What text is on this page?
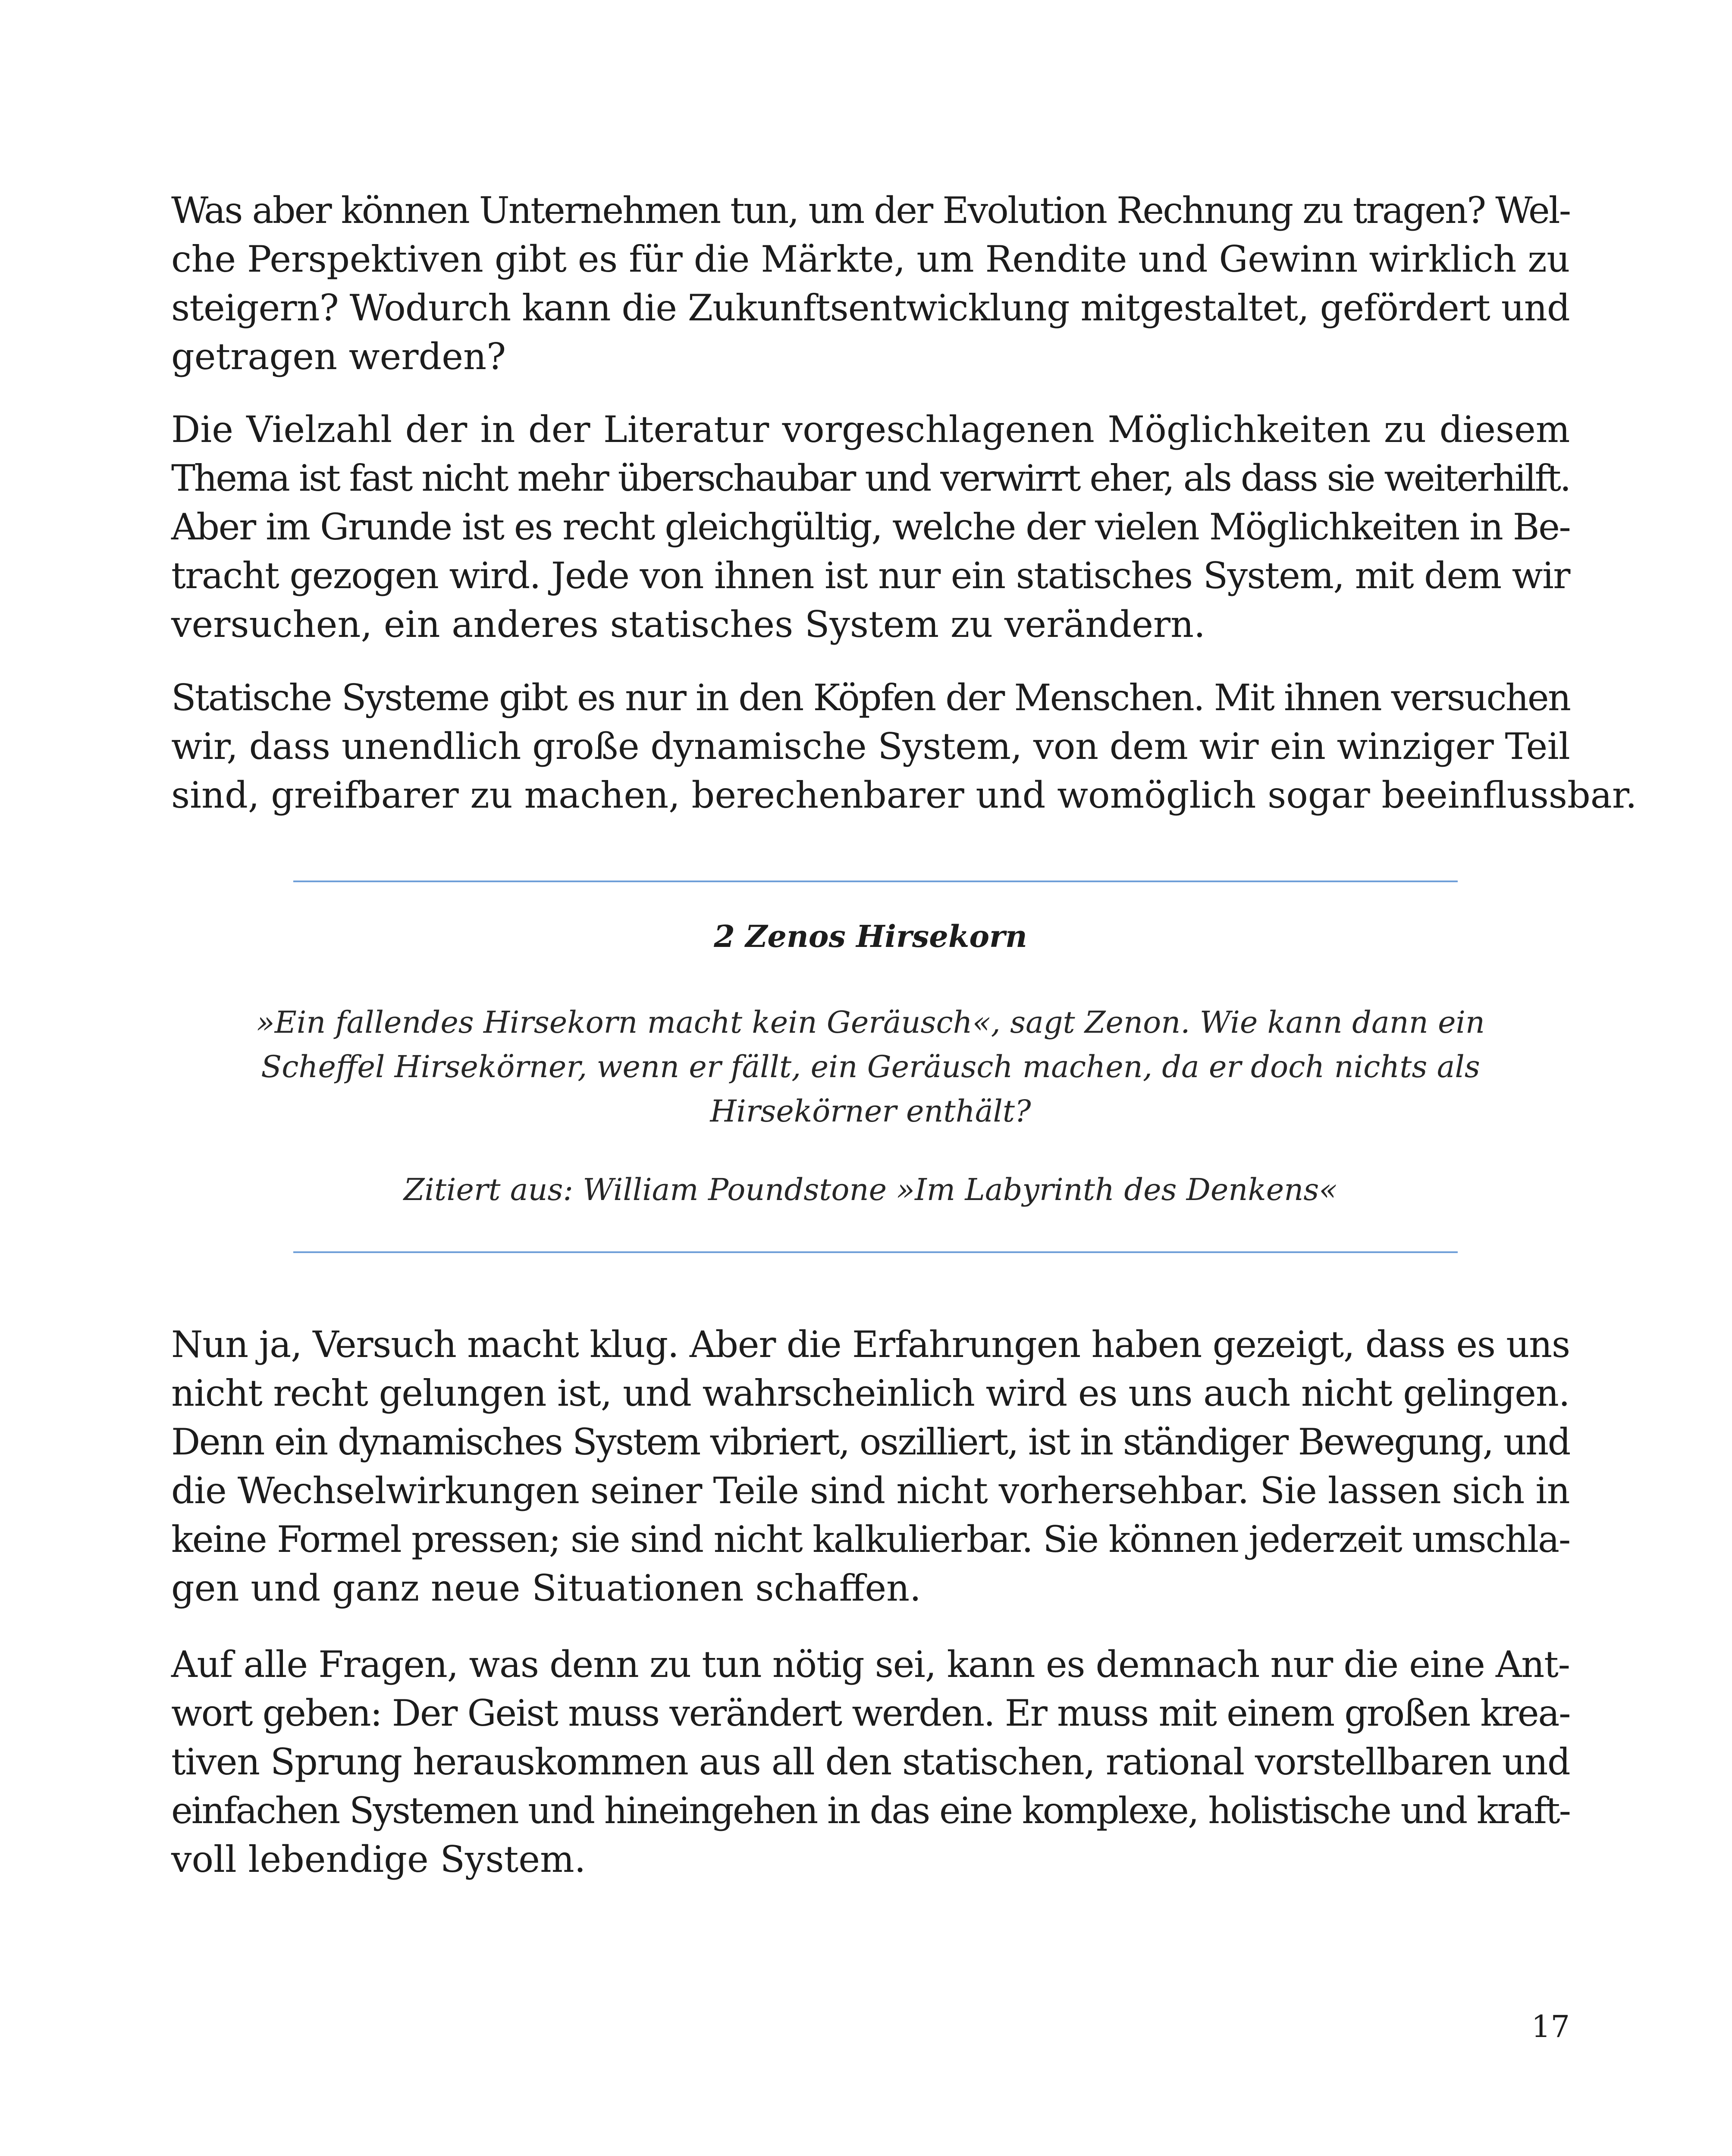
Was aber können Unternehmen tun, um der Evolution Rechnung zu tragen? Wel-
che Perspektiven gibt es für die Märkte, um Rendite und Gewinn wirklich zu
steigern? Wodurch kann die Zukunftsentwicklung mitgestaltet, gefördert und
getragen werden?

Die Vielzahl der in der Literatur vorgeschlagenen Möglichkeiten zu diesem
Thema ist fast nicht mehr überschaubar und verwirrt eher, als dass sie weiterhilft.
Aber im Grunde ist es recht gleichgültig, welche der vielen Möglichkeiten in Be-
tracht gezogen wird. Jede von ihnen ist nur ein statisches System, mit dem wir
versuchen, ein anderes statisches System zu verändern.

Statische Systeme gibt es nur in den Köpfen der Menschen. Mit ihnen versuchen
wir, dass unendlich große dynamische System, von dem wir ein winziger Teil
sind, greifbarer zu machen, berechenbarer und womöglich sogar beeinflussbar.

2 Zenos Hirsekorn
»Ein fallendes Hirsekorn macht kein Geräusch«, sagt Zenon. Wie kann dann ein
Scheffel Hirsekörner, wenn er fällt, ein Geräusch machen, da er doch nichts als
Hirsekörner enthält?
Zitiert aus: William Poundstone »Im Labyrinth des Denkens«

Nun ja, Versuch macht klug. Aber die Erfahrungen haben gezeigt, dass es uns
nicht recht gelungen ist, und wahrscheinlich wird es uns auch nicht gelingen.
Denn ein dynamisches System vibriert, oszilliert, ist in ständiger Bewegung, und
die Wechselwirkungen seiner Teile sind nicht vorhersehbar. Sie lassen sich in
keine Formel pressen; sie sind nicht kalkulierbar. Sie können jederzeit umschla-
gen und ganz neue Situationen schaffen.

Auf alle Fragen, was denn zu tun nötig sei, kann es demnach nur die eine Ant-
wort geben: Der Geist muss verändert werden. Er muss mit einem großen krea-
tiven Sprung herauskommen aus all den statischen, rational vorstellbaren und
einfachen Systemen und hineingehen in das eine komplexe, holistische und kraft-
voll lebendige System.

17
